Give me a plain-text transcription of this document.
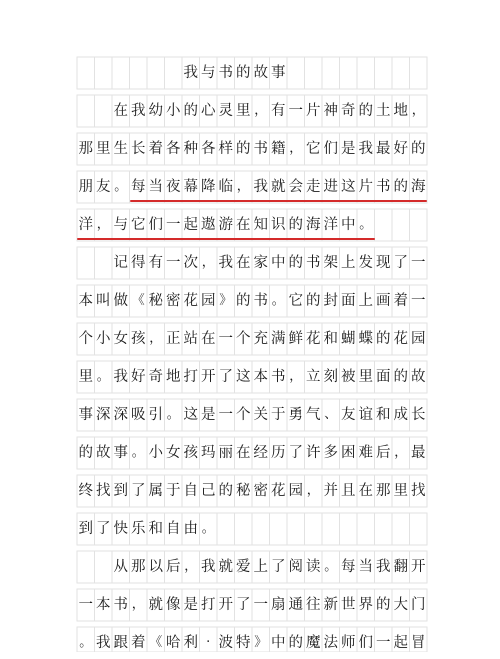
我 与 书 的 故 事
在 我 幼 小 的 心 灵 里 ， 有 一 片 神 奇 的 土 地 ，
那 里 生 长 着 各 种 各 样 的 书 籍 ， 它 们 是 我 最 好 的
朋 友 。 每 当 夜 幕 降 临 ， 我 就 会 走 进 这 片 书 的 海
洋 ， 与 它 们 一 起 遨 游 在 知 识 的 海 洋 中 。
记 得 有 一 次 ， 我 在 家 中 的 书 架 上 发 现 了 一
本 叫 做 《 秘 密 花 园 》 的 书 。 它 的 封 面 上 画 着 一
个 小 女 孩 ， 正 站 在 一 个 充 满 鲜 花 和 蝴 蝶 的 花 园
里 。 我 好 奇 地 打 开 了 这 本 书 ， 立 刻 被 里 面 的 故
事 深 深 吸 引 。 这 是 一 个 关 于 勇 气 、 友 谊 和 成 长
的 故 事 。 小 女 孩 玛 丽 在 经 历 了 许 多 困 难 后 ， 最
终 找 到 了 属 于 自 己 的 秘 密 花 园 ， 并 且 在 那 里 找
到 了 快 乐 和 自 由 。
从 那 以 后 ， 我 就 爱 上 了 阅 读 。 每 当 我 翻 开
一 本 书 ， 就 像 是 打 开 了 一 扇 通 往 新 世 界 的 大 门
。 我 跟 着 《 哈 利 · 波 特 》 中 的 魔 法 师 们 一 起 冒
